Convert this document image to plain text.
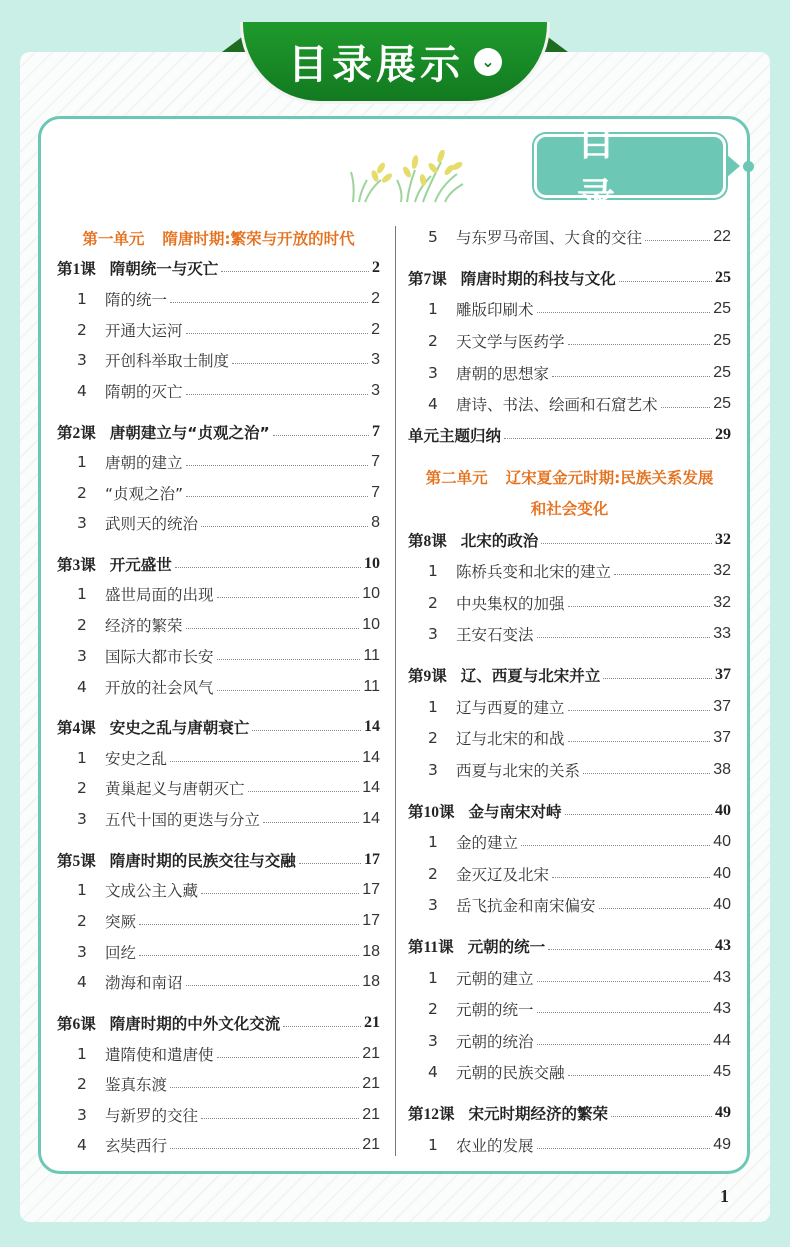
目录展示	⌄
目 录
第一单元 隋唐时期:繁荣与开放的时代
第1课 隋朝统一与灭亡	2
1	隋的统一	2
2	开通大运河	2
3	开创科举取士制度	3
4	隋朝的灭亡	3
第2课 唐朝建立与“贞观之治”	7
1	唐朝的建立	7
2	“贞观之治”	7
3	武则天的统治	8
第3课 开元盛世	10
1	盛世局面的出现	10
2	经济的繁荣	10
3	国际大都市长安	11
4	开放的社会风气	11
第4课 安史之乱与唐朝衰亡	14
1	安史之乱	14
2	黄巢起义与唐朝灭亡	14
3	五代十国的更迭与分立	14
第5课 隋唐时期的民族交往与交融	17
1	文成公主入藏	17
2	突厥	17
3	回纥	18
4	渤海和南诏	18
第6课 隋唐时期的中外文化交流	21
1	遣隋使和遣唐使	21
2	鉴真东渡	21
3	与新罗的交往	21
4	玄奘西行	21
5	与东罗马帝国、大食的交往	22
第7课 隋唐时期的科技与文化	25
1	雕版印刷术	25
2	天文学与医药学	25
3	唐朝的思想家	25
4	唐诗、书法、绘画和石窟艺术	25
单元主题归纳	29
第二单元 辽宋夏金元时期:民族关系发展
和社会变化
第8课 北宋的政治	32
1	陈桥兵变和北宋的建立	32
2	中央集权的加强	32
3	王安石变法	33
第9课 辽、西夏与北宋并立	37
1	辽与西夏的建立	37
2	辽与北宋的和战	37
3	西夏与北宋的关系	38
第10课 金与南宋对峙	40
1	金的建立	40
2	金灭辽及北宋	40
3	岳飞抗金和南宋偏安	40
第11课 元朝的统一	43
1	元朝的建立	43
2	元朝的统一	43
3	元朝的统治	44
4	元朝的民族交融	45
第12课 宋元时期经济的繁荣	49
1	农业的发展	49
1
